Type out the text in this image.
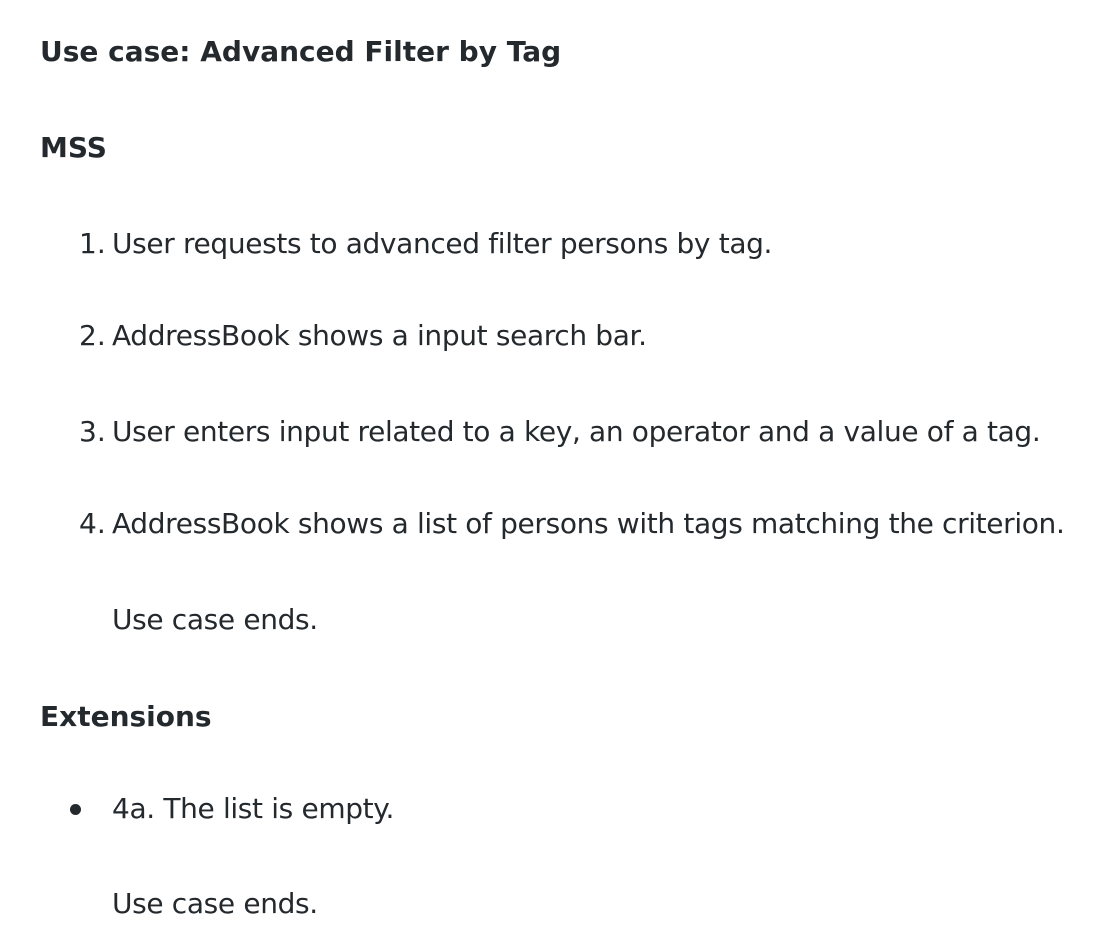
Use case: Advanced Filter by Tag
MSS
1. User requests to advanced filter persons by tag.
2. AddressBook shows a input search bar.
3. User enters input related to a key, an operator and a value of a tag.
4. AddressBook shows a list of persons with tags matching the criterion.
Use case ends.
Extensions
4a. The list is empty.
Use case ends.
